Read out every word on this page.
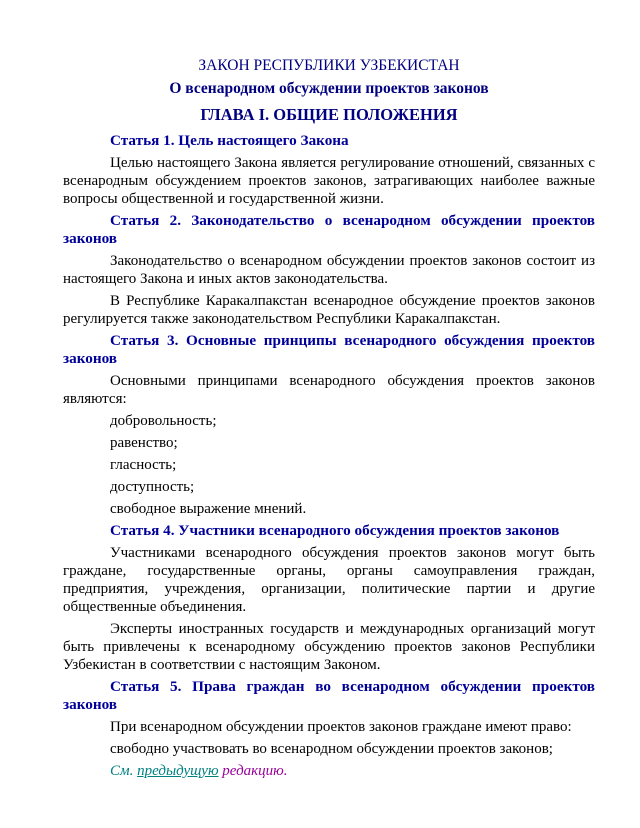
ЗАКОН РЕСПУБЛИКИ УЗБЕКИСТАН

О всенародном обсуждении проектов законов

ГЛАВА I. ОБЩИЕ ПОЛОЖЕНИЯ

Статья 1. Цель настоящего Закона

Целью настоящего Закона является регулирование отношений, связанных с всенародным обсуждением проектов законов, затрагивающих наиболее важные вопросы общественной и государственной жизни.

Статья 2. Законодательство о всенародном обсуждении проектов законов

Законодательство о всенародном обсуждении проектов законов состоит из настоящего Закона и иных актов законодательства.

В Республике Каракалпакстан всенародное обсуждение проектов законов регулируется также законодательством Республики Каракалпакстан.

Статья 3. Основные принципы всенародного обсуждения проектов законов

Основными принципами всенародного обсуждения проектов законов являются:

добровольность;

равенство;

гласность;

доступность;

свободное выражение мнений.

Статья 4. Участники всенародного обсуждения проектов законов

Участниками всенародного обсуждения проектов законов могут быть граждане, государственные органы, органы самоуправления граждан, предприятия, учреждения, организации, политические партии и другие общественные объединения.

Эксперты иностранных государств и международных организаций могут быть привлечены к всенародному обсуждению проектов законов Республики Узбекистан в соответствии с настоящим Законом.

Статья 5. Права граждан во всенародном обсуждении проектов законов

При всенародном обсуждении проектов законов граждане имеют право:

свободно участвовать во всенародном обсуждении проектов законов;

См. предыдущую редакцию.
